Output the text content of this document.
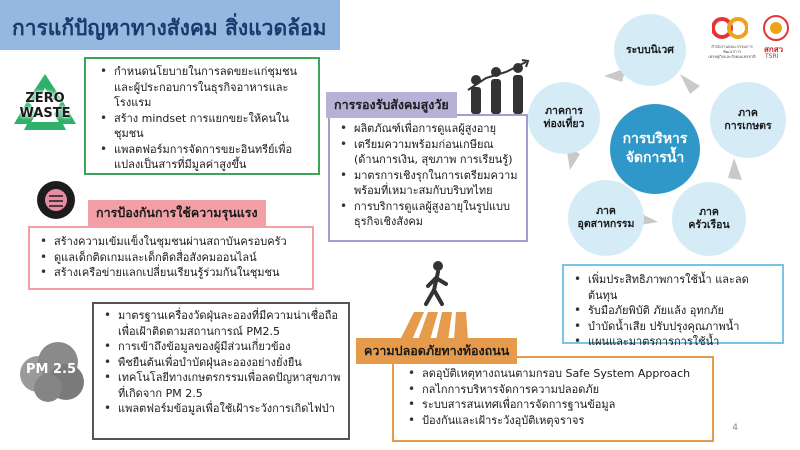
การแก้ปัญหาทางสังคม สิ่งแวดล้อม
สำนักงานคณะกรรมการพัฒนาการ
เศรษฐกิจและสังคมแห่งชาติ
สกสว
TSRI
ZERO
WASTE
• กำหนดนโยบายในการลดขยะแก่ชุมชนและผู้ประกอบการในธุรกิจอาหารและโรงแรม
• สร้าง mindset การแยกขยะให้คนในชุมชน
• แพลตฟอร์มการจัดการขยะอินทรีย์เพื่อแปลงเป็นสารที่มีมูลค่าสูงขึ้น
• ผลิตภัณฑ์เพื่อการดูแลผู้สูงอายุ
• เตรียมความพร้อมก่อนเกษียณ (ด้านการเงิน, สุขภาพ การเรียนรู้)
• มาตรการเชิงรุกในการเตรียมความพร้อมที่เหมาะสมกับบริบทไทย
• การบริการดูแลผู้สูงอายุในรูปแบบธุรกิจเชิงสังคม
การรองรับสังคมสูงวัย
• สร้างความเข้มแข็งในชุมชนผ่านสถาบันครอบครัว
• ดูแลเด็กติดเกมและเด็กติดสื่อสังคมออนไลน์
• สร้างเครือข่ายแลกเปลี่ยนเรียนรู้ร่วมกันในชุมชน
การป้องกันการใช้ความรุนแรง
PM 2.5
• มาตรฐานเครื่องวัดฝุ่นละอองที่มีความน่าเชื่อถือเพื่อเฝ้าติดตามสถานการณ์ PM2.5
• การเข้าถึงข้อมูลของผู้มีส่วนเกี่ยวข้อง
• พืชยืนต้นเพื่อบำบัดฝุ่นละอองอย่างยั่งยืน
• เทคโนโลยีทางเกษตรกรรมเพื่อลดปัญหาสุขภาพที่เกิดจาก PM 2.5
• แพลตฟอร์มข้อมูลเพื่อใช้เฝ้าระวังการเกิดไฟป่า
• ลดอุบัติเหตุทางถนนตามกรอบ Safe System Approach
• กลไกการบริหารจัดการความปลอดภัย
• ระบบสารสนเทศเพื่อการจัดการฐานข้อมูล
• ป้องกันและเฝ้าระวังอุบัติเหตุจราจร
ความปลอดภัยทางท้องถนน
ระบบนิเวศ
ภาค
การเกษตร
ภาค
ครัวเรือน
ภาค
อุตสาหกรรม
ภาคการ
ท่องเที่ยว
การบริหาร
จัดการน้ำ
• เพิ่มประสิทธิภาพการใช้น้ำ และลดต้นทุน
• รับมือภัยพิบัติ ภัยแล้ง อุทกภัย
• บำบัดน้ำเสีย ปรับปรุงคุณภาพน้ำ
• แผนและมาตรการการใช้น้ำ
4
